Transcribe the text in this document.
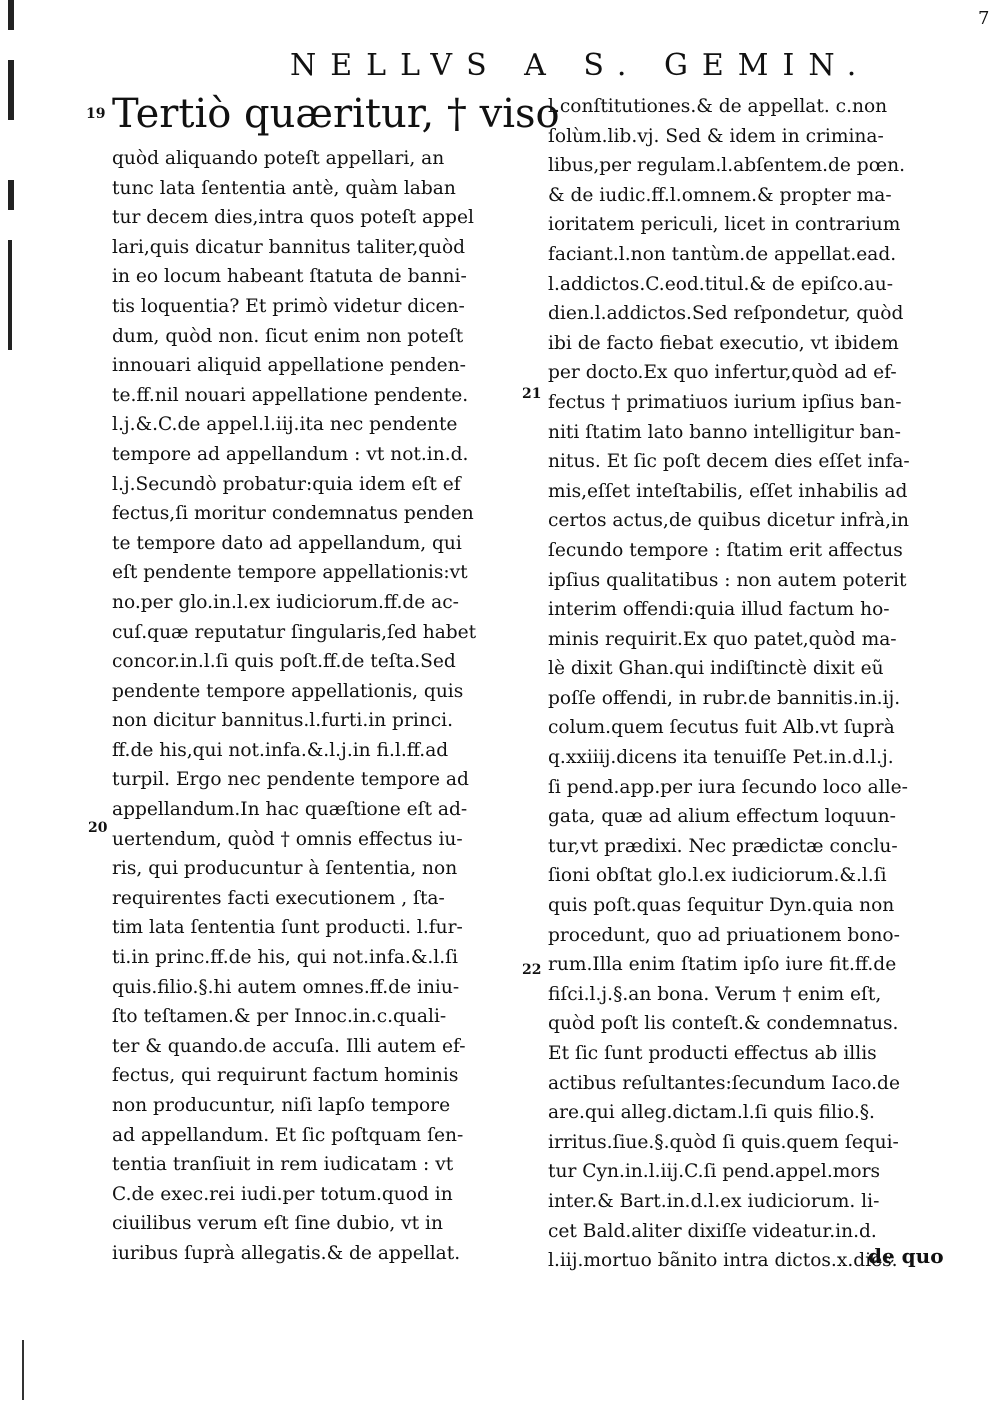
NELLVS A S. GEMIN.
7
19
20
21
22
Tertiò quæritur, † viso
quòd aliquando poteſt appellari, an
tunc lata ſententia antè, quàm laban
tur decem dies,intra quos poteſt appel
lari,quis dicatur bannitus taliter,quòd
in eo locum habeant ſtatuta de banni-
tis loquentia? Et primò videtur dicen-
dum, quòd non. ſicut enim non poteſt
innouari aliquid appellatione penden-
te.ff.nil nouari appellatione pendente.
l.j.&.C.de appel.l.iij.ita nec pendente
tempore ad appellandum : vt not.in.d.
l.j.Secundò probatur:quia idem eſt ef
fectus,ſi moritur condemnatus penden
te tempore dato ad appellandum, qui
eſt pendente tempore appellationis:vt
no.per glo.in.l.ex iudiciorum.ff.de ac-
cuſ.quæ reputatur ſingularis,ſed habet
concor.in.l.ſi quis poſt.ff.de teſta.Sed
pendente tempore appellationis, quis
non dicitur bannitus.l.furti.in princi.
ff.de his,qui not.infa.&.l.j.in fi.l.ff.ad
turpil. Ergo nec pendente tempore ad
appellandum.In hac quæſtione eſt ad-
uertendum, quòd † omnis effectus iu-
ris, qui producuntur à ſententia, non
requirentes facti executionem , ſta-
tim lata ſententia ſunt producti. l.fur-
ti.in princ.ff.de his, qui not.infa.&.l.ſi
quis.filio.§.hi autem omnes.ff.de iniu-
ſto teſtamen.& per Innoc.in.c.quali-
ter & quando.de accuſa. Illi autem ef-
fectus, qui requirunt factum hominis
non producuntur, niſi lapſo tempore
ad appellandum. Et ſic poſtquam ſen-
tentia tranſiuit in rem iudicatam : vt
C.de exec.rei iudi.per totum.quod in
ciuilibus verum eſt ſine dubio, vt in
iuribus ſuprà allegatis.& de appellat.
l.conſtitutiones.& de appellat. c.non
ſolùm.lib.vj. Sed & idem in crimina-
libus,per regulam.l.abſentem.de pœn.
& de iudic.ff.l.omnem.& propter ma-
ioritatem periculi, licet in contrarium
faciant.l.non tantùm.de appellat.ead.
l.addictos.C.eod.titul.& de epiſco.au-
dien.l.addictos.Sed reſpondetur, quòd
ibi de facto fiebat executio, vt ibidem
per docto.Ex quo infertur,quòd ad ef-
fectus † primatiuos iurium ipſius ban-
niti ſtatim lato banno intelligitur ban-
nitus. Et ſic poſt decem dies eſſet infa-
mis,eſſet inteſtabilis, eſſet inhabilis ad
certos actus,de quibus dicetur infrà,in
ſecundo tempore : ſtatim erit affectus
ipſius qualitatibus : non autem poterit
interim offendi:quia illud factum ho-
minis requirit.Ex quo patet,quòd ma-
lè dixit Ghan.qui indiſtinctè dixit eũ
poſſe offendi, in rubr.de bannitis.in.ij.
colum.quem ſecutus fuit Alb.vt ſuprà
q.xxiiij.dicens ita tenuiſſe Pet.in.d.l.j.
ſi pend.app.per iura ſecundo loco alle-
gata, quæ ad alium effectum loquun-
tur,vt prædixi. Nec prædictæ conclu-
ſioni obſtat glo.l.ex iudiciorum.&.l.ſi
quis poſt.quas ſequitur Dyn.quia non
procedunt, quo ad priuationem bono-
rum.Illa enim ſtatim ipſo iure fit.ff.de
fiſci.l.j.§.an bona. Verum † enim eſt,
quòd poſt lis conteſt.& condemnatus.
Et ſic ſunt producti effectus ab illis
actibus reſultantes:ſecundum Iaco.de
are.qui alleg.dictam.l.ſi quis filio.§.
irritus.ſiue.§.quòd ſi quis.quem ſequi-
tur Cyn.in.l.iij.C.ſi pend.appel.mors
inter.& Bart.in.d.l.ex iudiciorum. li-
cet Bald.aliter dixiſſe videatur.in.d.
l.iij.mortuo bãnito intra dictos.x.dies.
de quo
